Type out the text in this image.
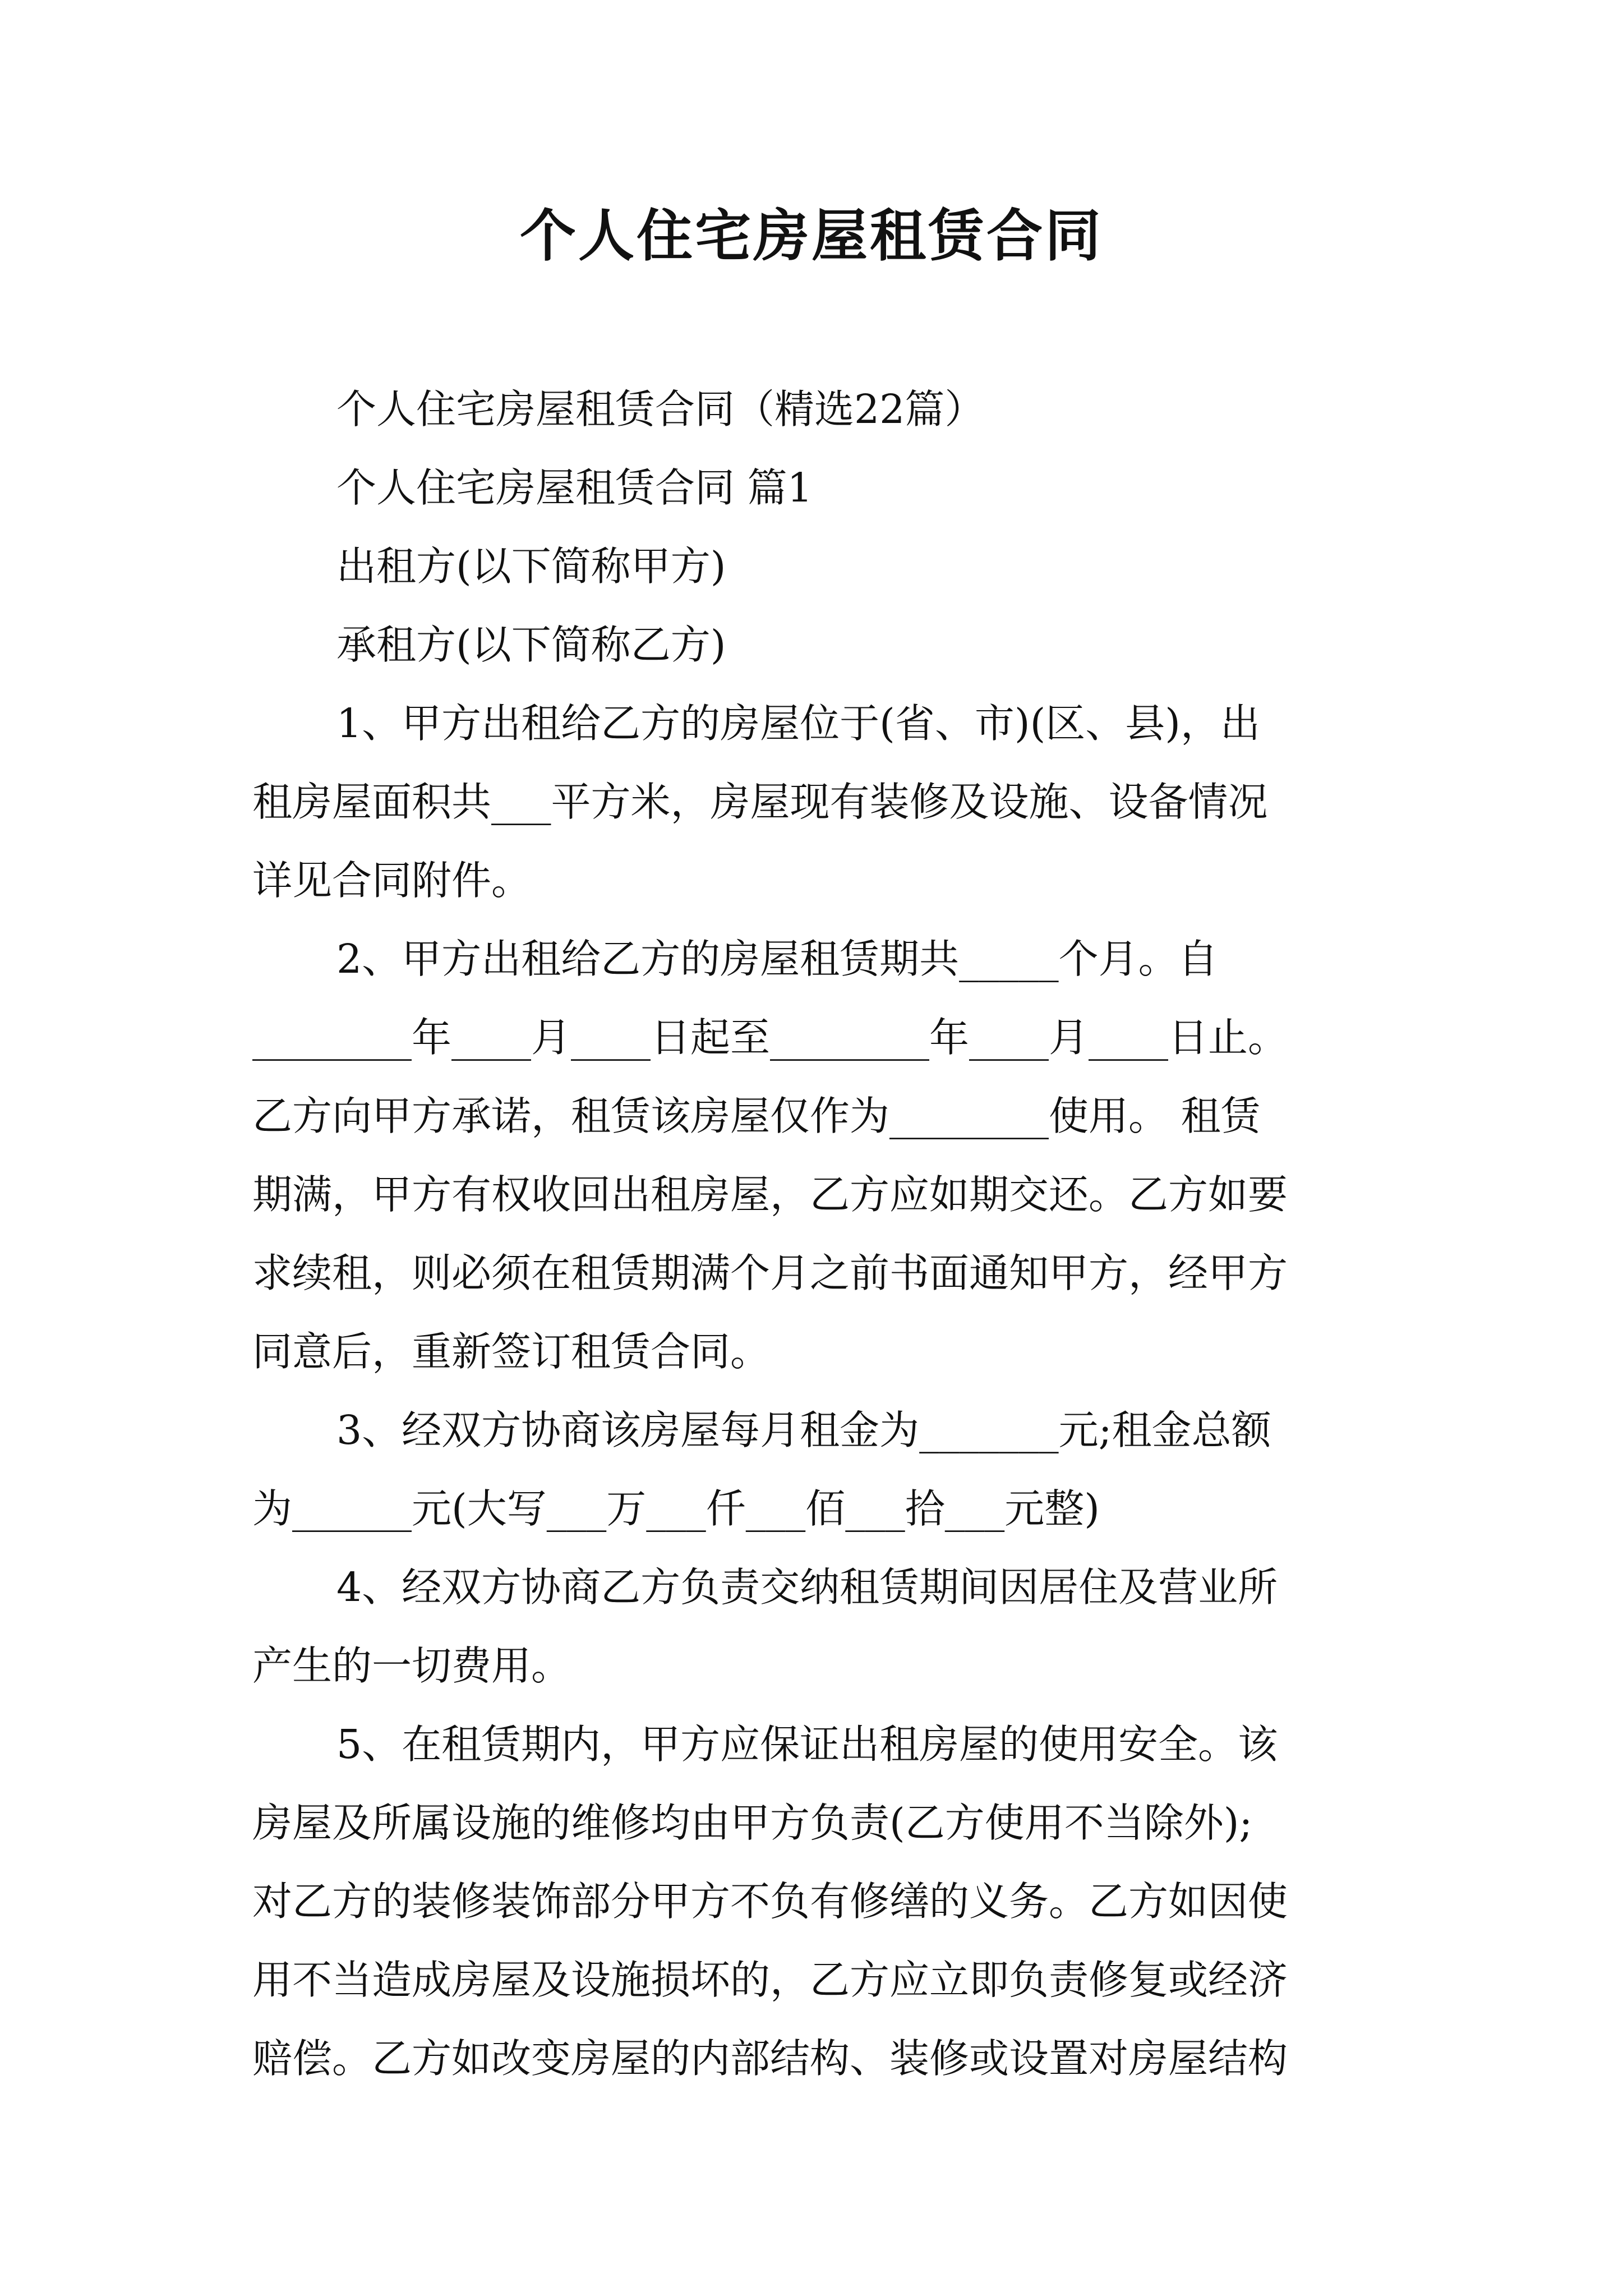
个人住宅房屋租赁合同
个人住宅房屋租赁合同（精选22篇）
个人住宅房屋租赁合同 篇1
出租方(以下简称甲方)
承租方(以下简称乙方)
1、甲方出租给乙方的房屋位于(省、市)(区、县)，出
租房屋面积共___平方米，房屋现有装修及设施、设备情况
详见合同附件。
2、甲方出租给乙方的房屋租赁期共_____个月。自
________年____月____日起至________年____月____日止。
乙方向甲方承诺，租赁该房屋仅作为________使用。 租赁
期满，甲方有权收回出租房屋，乙方应如期交还。乙方如要
求续租，则必须在租赁期满个月之前书面通知甲方，经甲方
同意后，重新签订租赁合同。
3、经双方协商该房屋每月租金为_______元;租金总额
为______元(大写___万___仟___佰___拾___元整)
4、经双方协商乙方负责交纳租赁期间因居住及营业所
产生的一切费用。
5、在租赁期内，甲方应保证出租房屋的使用安全。该
房屋及所属设施的维修均由甲方负责(乙方使用不当除外);
对乙方的装修装饰部分甲方不负有修缮的义务。乙方如因使
用不当造成房屋及设施损坏的，乙方应立即负责修复或经济
赔偿。乙方如改变房屋的内部结构、装修或设置对房屋结构
